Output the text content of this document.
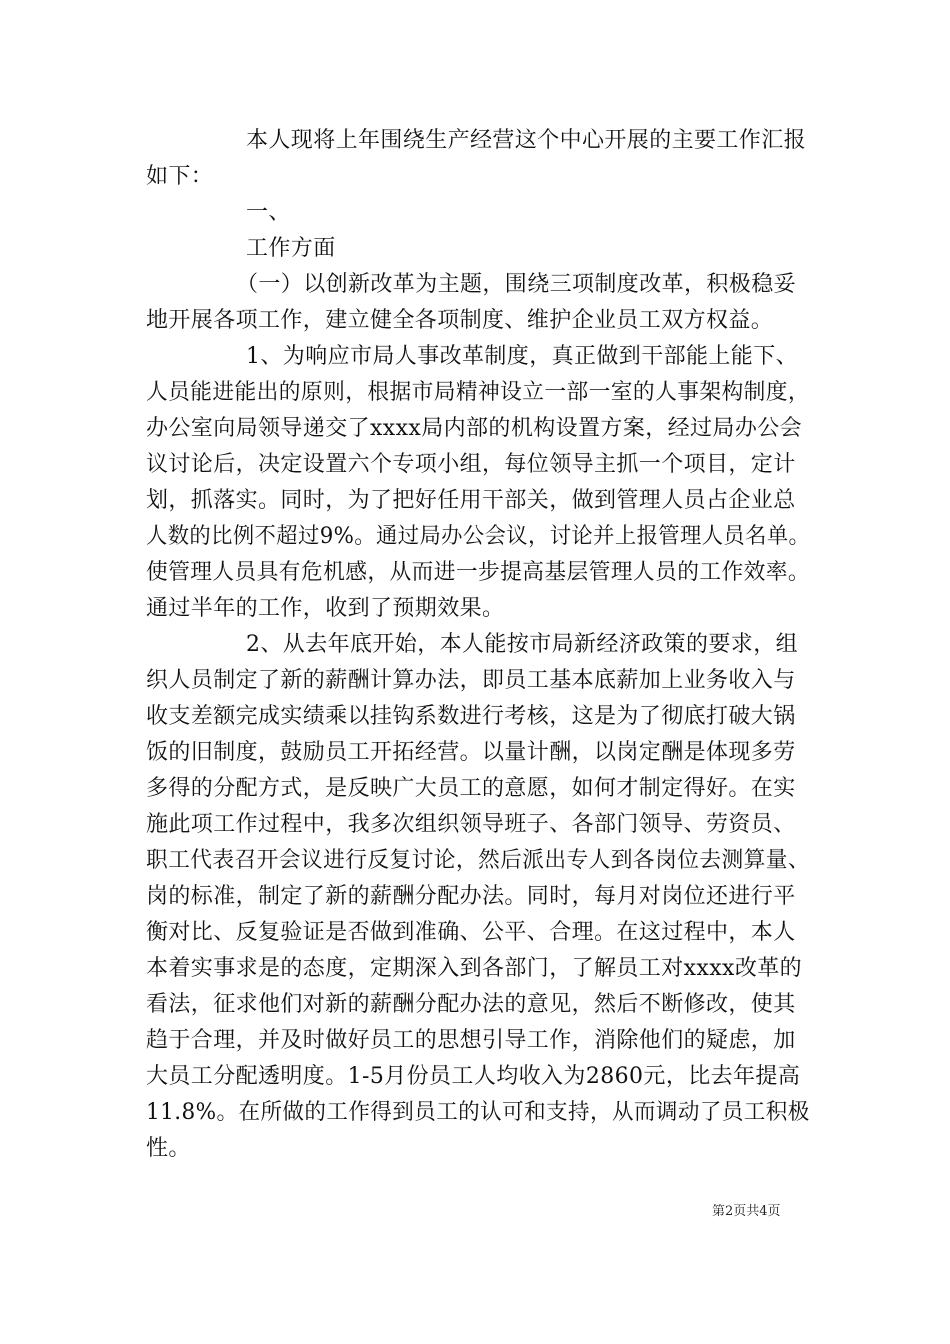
本人现将上年围绕生产经营这个中心开展的主要工作汇报
如下：
一、
工作方面
（一）以创新改革为主题，围绕三项制度改革，积极稳妥
地开展各项工作，建立健全各项制度、维护企业员工双方权益。
1、为响应市局人事改革制度，真正做到干部能上能下、
人员能进能出的原则，根据市局精神设立一部一室的人事架构制度，
办公室向局领导递交了xxxx局内部的机构设置方案，经过局办公会
议讨论后，决定设置六个专项小组，每位领导主抓一个项目，定计
划，抓落实。同时，为了把好任用干部关，做到管理人员占企业总
人数的比例不超过9%。通过局办公会议，讨论并上报管理人员名单。
使管理人员具有危机感，从而进一步提高基层管理人员的工作效率。
通过半年的工作，收到了预期效果。
2、从去年底开始，本人能按市局新经济政策的要求，组
织人员制定了新的薪酬计算办法，即员工基本底薪加上业务收入与
收支差额完成实绩乘以挂钩系数进行考核，这是为了彻底打破大锅
饭的旧制度，鼓励员工开拓经营。以量计酬，以岗定酬是体现多劳
多得的分配方式，是反映广大员工的意愿，如何才制定得好。在实
施此项工作过程中，我多次组织领导班子、各部门领导、劳资员、
职工代表召开会议进行反复讨论，然后派出专人到各岗位去测算量、
岗的标准，制定了新的薪酬分配办法。同时，每月对岗位还进行平
衡对比、反复验证是否做到准确、公平、合理。在这过程中，本人
本着实事求是的态度，定期深入到各部门，了解员工对xxxx改革的
看法，征求他们对新的薪酬分配办法的意见，然后不断修改，使其
趋于合理，并及时做好员工的思想引导工作，消除他们的疑虑，加
大员工分配透明度。1-5月份员工人均收入为2860元，比去年提高
11.8%。在所做的工作得到员工的认可和支持，从而调动了员工积极
性。
第2页共4页
